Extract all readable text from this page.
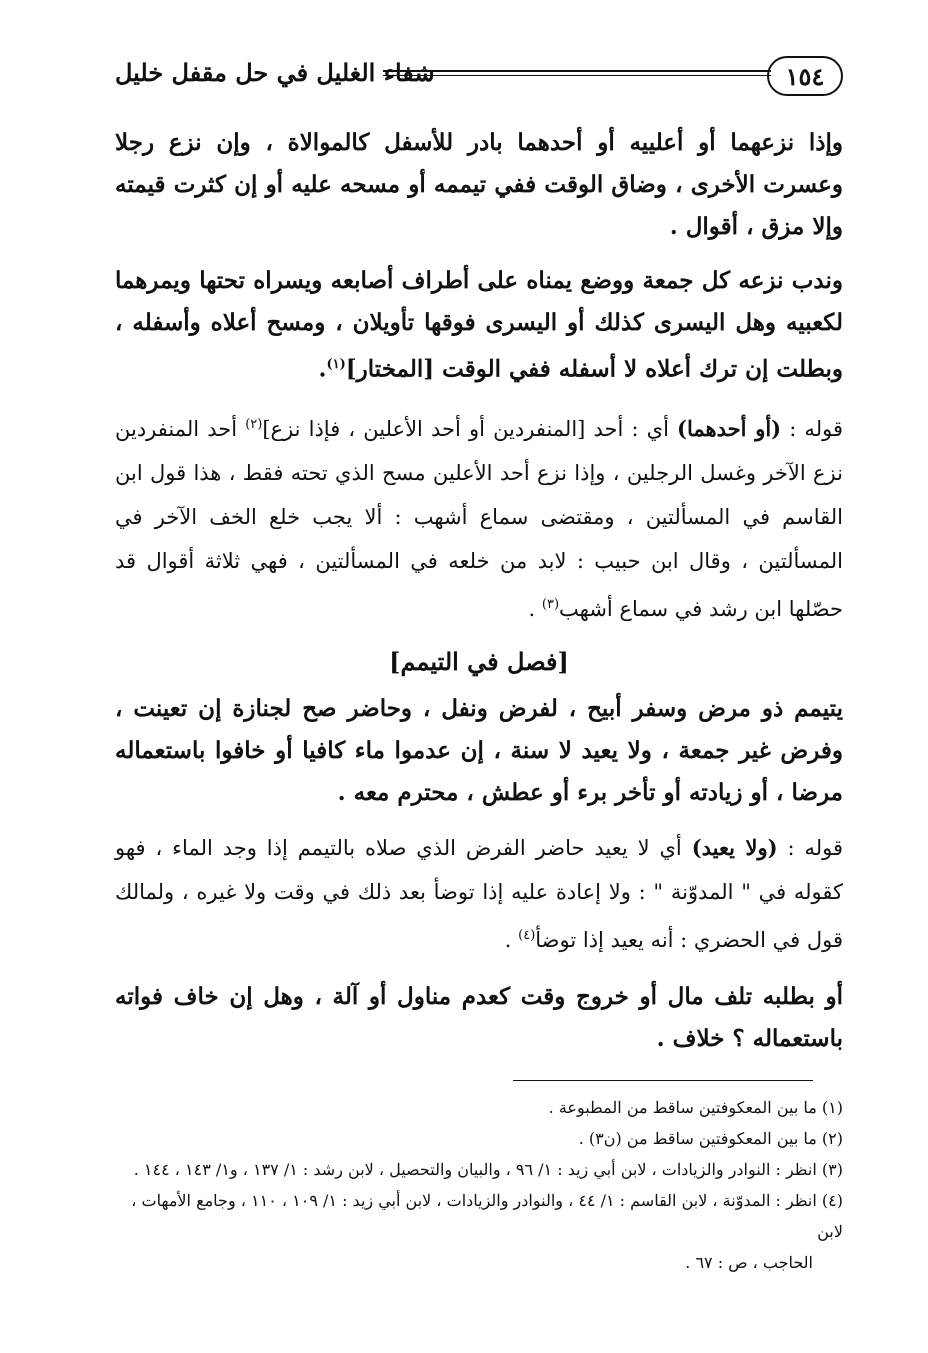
١٥٤
شفاء الغليل في حل مقفل خليل

وإذا نزعهما أو أعلييه أو أحدهما بادر للأسفل كالموالاة ، وإن نزع رجلا وعسرت الأخرى ، وضاق الوقت ففي تيممه أو مسحه عليه أو إن كثرت قيمته وإلا مزق ، أقوال .

وندب نزعه كل جمعة ووضع يمناه على أطراف أصابعه ويسراه تحتها ويمرهما لكعبيه وهل اليسرى كذلك أو اليسرى فوقها تأويلان ، ومسح أعلاه وأسفله ، وبطلت إن ترك أعلاه لا أسفله ففي الوقت [المختار]$^{(١)}$.

قوله : (أو أحدهما) أي : أحد [المنفردين أو أحد الأعلين ، فإذا نزع]$^{(٢)}$ أحد المنفردين نزع الآخر وغسل الرجلين ، وإذا نزع أحد الأعلين مسح الذي تحته فقط ، هذا قول ابن القاسم في المسألتين ، ومقتضى سماع أشهب : ألا يجب خلع الخف الآخر في المسألتين ، وقال ابن حبيب : لابد من خلعه في المسألتين ، فهي ثلاثة أقوال قد حصّلها ابن رشد في سماع أشهب$^{(٣)}$ .

[فصل في التيمم]

يتيمم ذو مرض وسفر أبيح ، لفرض ونفل ، وحاضر صح لجنازة إن تعينت ، وفرض غير جمعة ، ولا يعيد لا سنة ، إن عدموا ماء كافيا أو خافوا باستعماله مرضا ، أو زيادته أو تأخر برء أو عطش ، محترم معه .

قوله : (ولا يعيد) أي لا يعيد حاضر الفرض الذي صلاه بالتيمم إذا وجد الماء ، فهو كقوله في " المدوّنة " : ولا إعادة عليه إذا توضأ بعد ذلك في وقت ولا غيره ، ولمالك قول في الحضري : أنه يعيد إذا توضأ$^{(٤)}$ .

أو بطلبه تلف مال أو خروج وقت كعدم مناول أو آلة ، وهل إن خاف فواته باستعماله ؟ خلاف .

(١) ما بين المعكوفتين ساقط من المطبوعة .

(٢) ما بين المعكوفتين ساقط من (ن٣) .

(٣) انظر : النوادر والزيادات ، لابن أبي زيد : ١/ ٩٦ ، والبيان والتحصيل ، لابن رشد : ١/ ١٣٧ ، و١/ ١٤٣ ، ١٤٤ .

(٤) انظر : المدوّنة ، لابن القاسم : ١/ ٤٤ ، والنوادر والزيادات ، لابن أبي زيد : ١/ ١٠٩ ، ١١٠ ، وجامع الأمهات ، لابن

الحاجب ، ص : ٦٧ .
